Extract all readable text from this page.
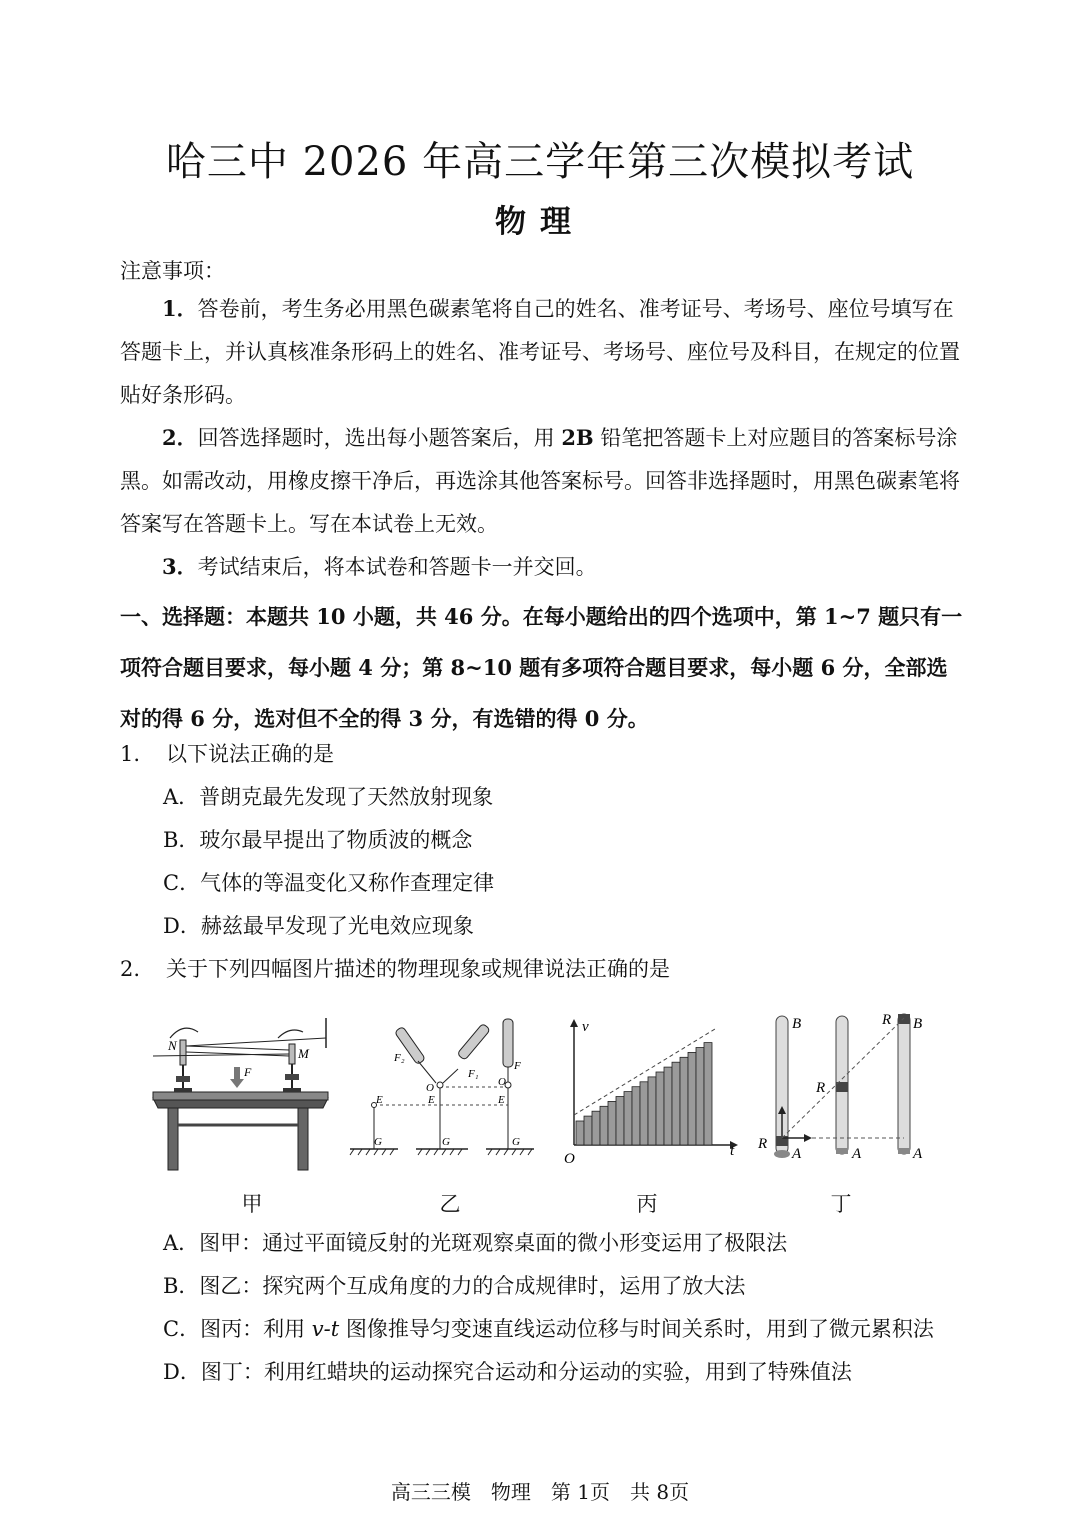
哈三中 2026 年高三学年第三次模拟考试
物理
注意事项：
1．答卷前，考生务必用黑色碳素笔将自己的姓名、准考证号、考场号、座位号填写在答题卡上，并认真核准条形码上的姓名、准考证号、考场号、座位号及科目，在规定的位置贴好条形码。
2．回答选择题时，选出每小题答案后，用 2B 铅笔把答题卡上对应题目的答案标号涂黑。如需改动，用橡皮擦干净后，再选涂其他答案标号。回答非选择题时，用黑色碳素笔将答案写在答题卡上。写在本试卷上无效。
3．考试结束后，将本试卷和答题卡一并交回。
一、选择题：本题共 10 小题，共 46 分。在每小题给出的四个选项中，第 1~7 题只有一项符合题目要求，每小题 4 分；第 8~10 题有多项符合题目要求，每小题 6 分，全部选对的得 6 分，选对但不全的得 3 分，有选错的得 0 分。
1. 以下说法正确的是
A．普朗克最先发现了天然放射现象
B．玻尔最早提出了物质波的概念
C．气体的等温变化又称作查理定律
D．赫兹最早发现了光电效应现象
2. 关于下列四幅图片描述的物理现象或规律说法正确的是
N
M
F
F₂
F₁
F
O	O
E	E	E
G	G	G
v
t
O
B
R
B
R
R
A	A	A
甲	乙	丙	丁
A．图甲：通过平面镜反射的光斑观察桌面的微小形变运用了极限法
B．图乙：探究两个互成角度的力的合成规律时，运用了放大法
C．图丙：利用 v-t 图像推导匀变速直线运动位移与时间关系时，用到了微元累积法
D．图丁：利用红蜡块的运动探究合运动和分运动的实验，用到了特殊值法
高三三模　物理　第 1页　共 8页
